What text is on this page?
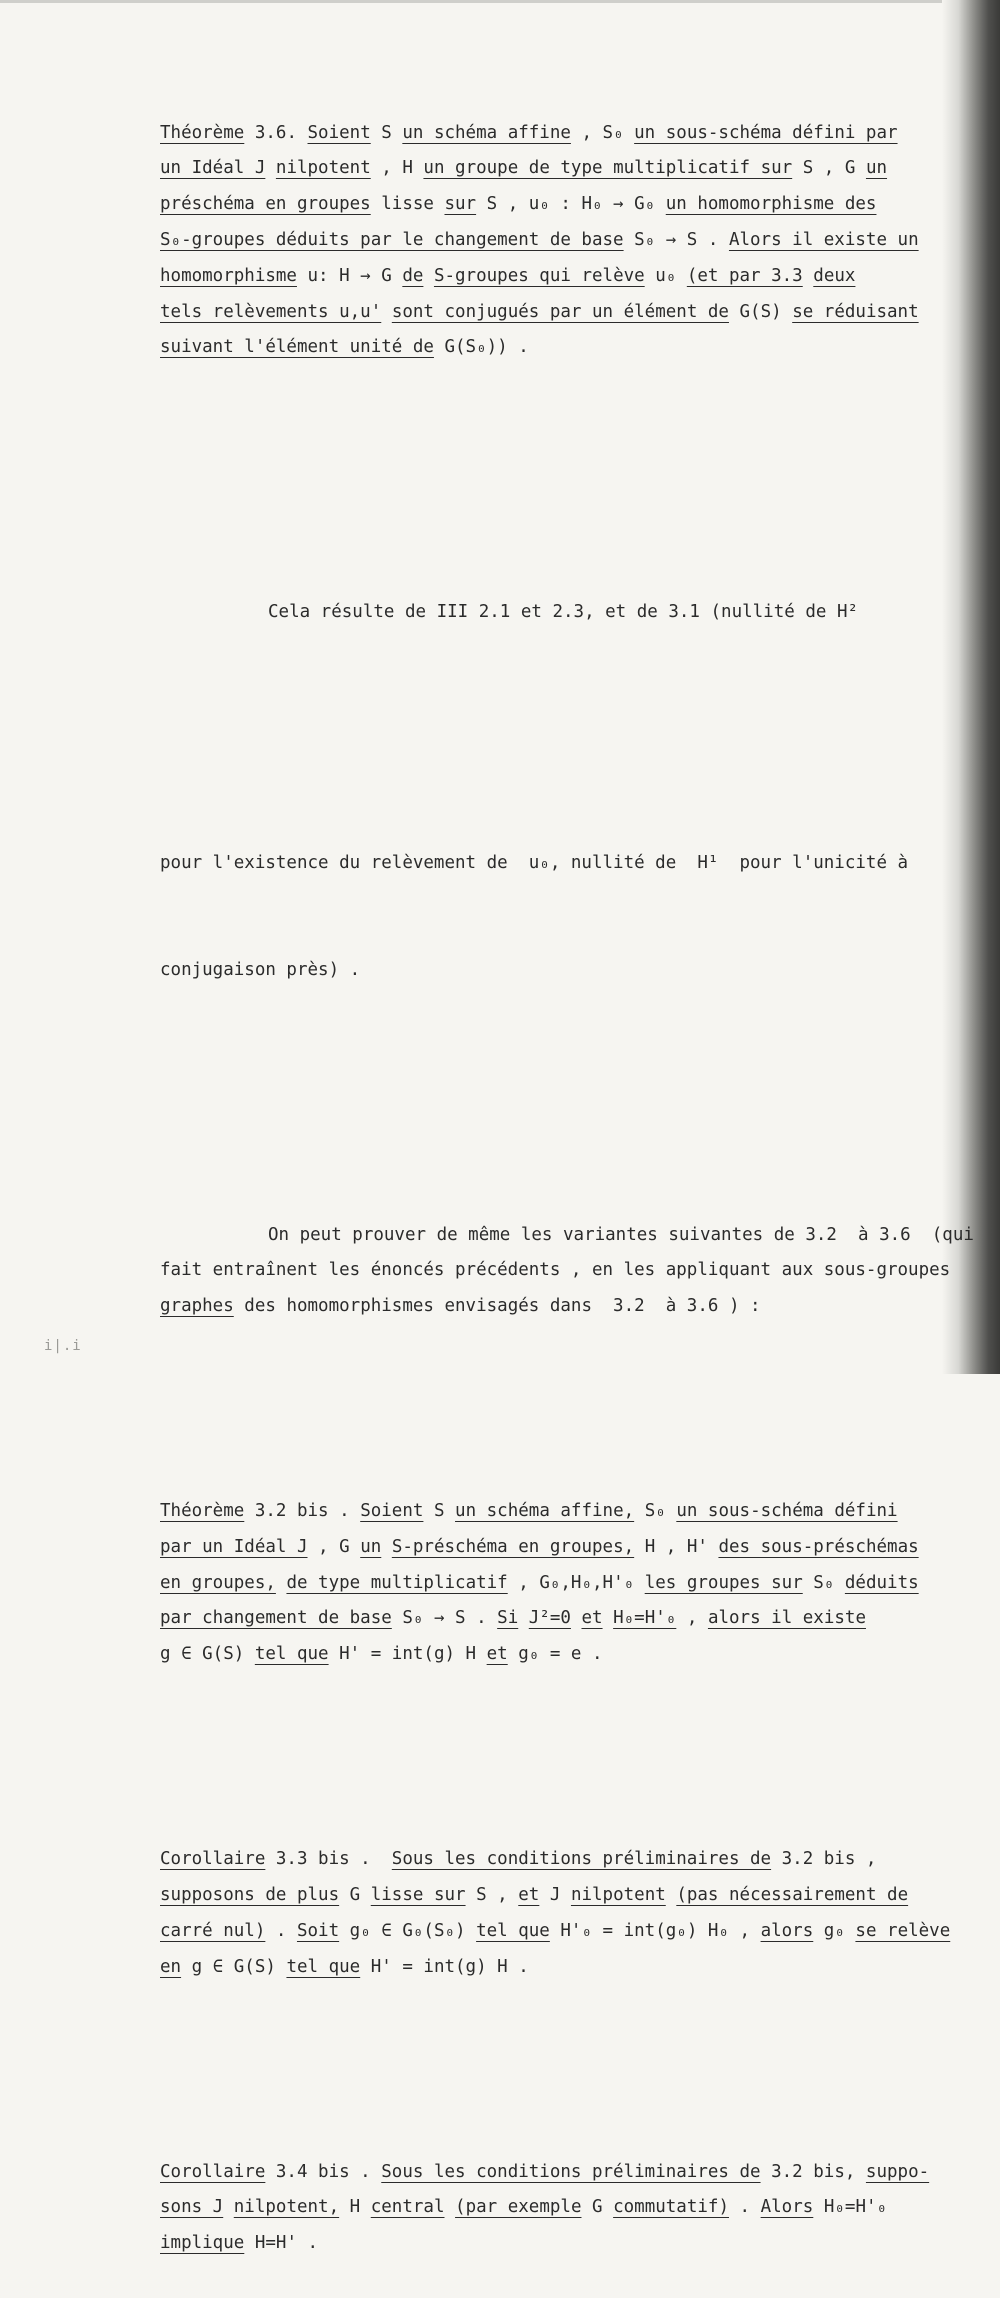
Théorème 3.6. Soient S un schéma affine , S₀ un sous-schéma défini par
un Idéal J nilpotent , H un groupe de type multiplicatif sur S , G un
préschéma en groupes lisse sur S , u₀ : H₀ → G₀ un homomorphisme des
S₀-groupes déduits par le changement de base S₀ → S . Alors il existe un
homomorphisme u: H → G de S-groupes qui relève u₀ (et par 3.3 deux
tels relèvements u,u' sont conjugués par un élément de G(S) se réduisant
suivant l'élément unité de G(S₀)) .

Cela résulte de III 2.1 et 2.3, et de 3.1 (nullité de H²

pour l'existence du relèvement de  u₀, nullité de  H¹  pour l'unicité à

conjugaison près) .

On peut prouver de même les variantes suivantes de 3.2  à 3.6  (qui
fait entraînent les énoncés précédents , en les appliquant aux sous-groupes
graphes des homomorphismes envisagés dans  3.2  à 3.6 ) :

Théorème 3.2 bis . Soient S un schéma affine, S₀ un sous-schéma défini
par un Idéal J , G un S-préschéma en groupes, H , H' des sous-préschémas
en groupes, de type multiplicatif , G₀,H₀,H'₀ les groupes sur S₀ déduits
par changement de base S₀ → S . Si J²=0 et H₀=H'₀ , alors il existe
g ∈ G(S) tel que H' = int(g) H et g₀ = e .

Corollaire 3.3 bis .  Sous les conditions préliminaires de 3.2 bis ,
supposons de plus G lisse sur S , et J nilpotent (pas nécessairement de
carré nul) . Soit g₀ ∈ G₀(S₀) tel que H'₀ = int(g₀) H₀ , alors g₀ se relève
en g ∈ G(S) tel que H' = int(g) H .

Corollaire 3.4 bis . Sous les conditions préliminaires de 3.2 bis, suppo-
sons J nilpotent, H central (par exemple G commutatif) . Alors H₀=H'₀
implique H=H' .

i|.i
